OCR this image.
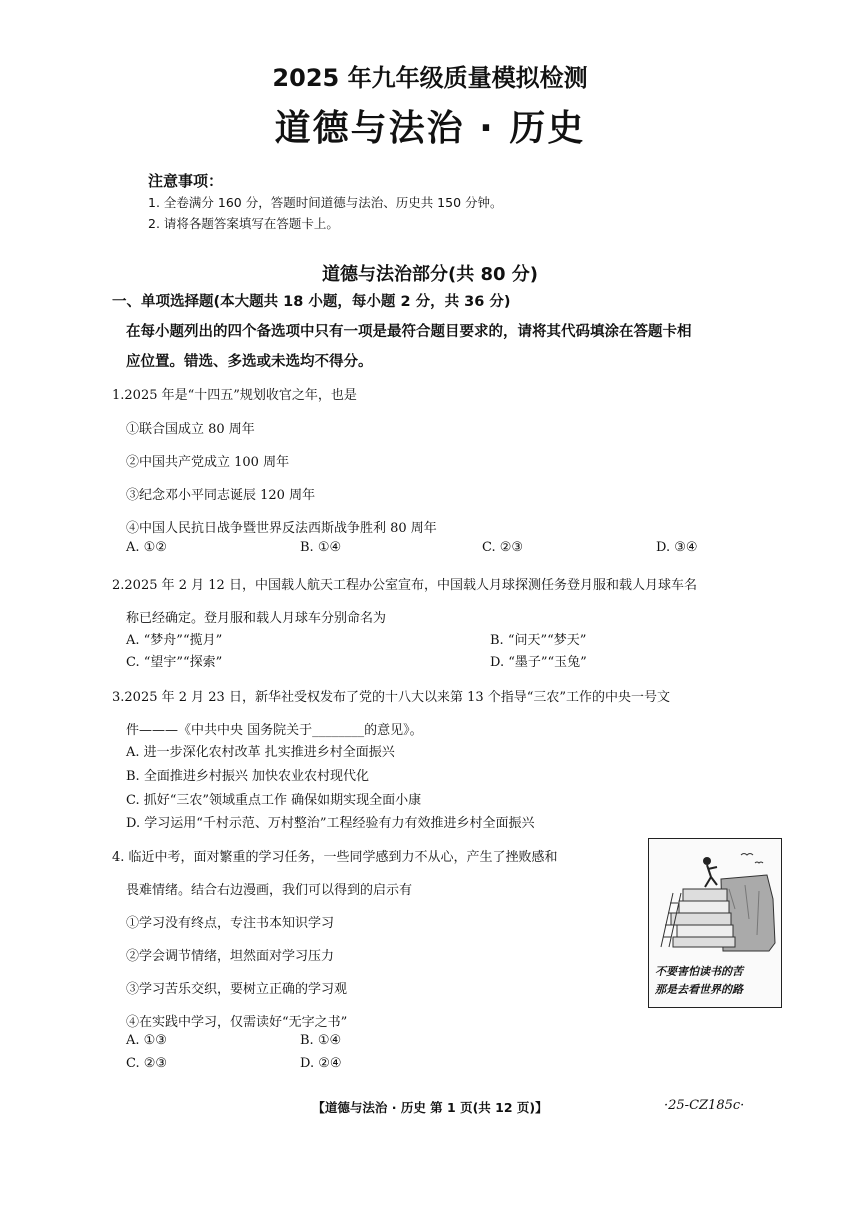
2025 年九年级质量模拟检测
道德与法治 · 历史
注意事项：
1. 全卷满分 160 分，答题时间道德与法治、历史共 150 分钟。
2. 请将各题答案填写在答题卡上。
道德与法治部分(共 80 分)
一、单项选择题(本大题共 18 小题，每小题 2 分，共 36 分)
在每小题列出的四个备选项中只有一项是最符合题目要求的，请将其代码填涂在答题卡相
应位置。错选、多选或未选均不得分。
1.2025 年是“十四五”规划收官之年，也是
①联合国成立 80 周年
②中国共产党成立 100 周年
③纪念邓小平同志诞辰 120 周年
④中国人民抗日战争暨世界反法西斯战争胜利 80 周年
A. ①②	B. ①④	C. ②③	D. ③④
2.2025 年 2 月 12 日，中国载人航天工程办公室宣布，中国载人月球探测任务登月服和载人月球车名
称已经确定。登月服和载人月球车分别命名为
A. “梦舟”“揽月”	B. “问天”“梦天”
C. “望宇”“探索”	D. “墨子”“玉兔”
3.2025 年 2 月 23 日，新华社受权发布了党的十八大以来第 13 个指导“三农”工作的中央一号文
件———《中共中央 国务院关于________的意见》。
A. 进一步深化农村改革 扎实推进乡村全面振兴
B. 全面推进乡村振兴 加快农业农村现代化
C. 抓好“三农”领域重点工作 确保如期实现全面小康
D. 学习运用“千村示范、万村整治”工程经验有力有效推进乡村全面振兴
4. 临近中考，面对繁重的学习任务，一些同学感到力不从心，产生了挫败感和
畏难情绪。结合右边漫画，我们可以得到的启示有
①学习没有终点，专注书本知识学习
②学会调节情绪，坦然面对学习压力
③学习苦乐交织，要树立正确的学习观
④在实践中学习，仅需读好“无字之书”
A. ①③	B. ①④
C. ②③	D. ②④
不要害怕读书的苦
那是去看世界的路
【道德与法治 · 历史 第 1 页(共 12 页)】	·25-CZ185c·
